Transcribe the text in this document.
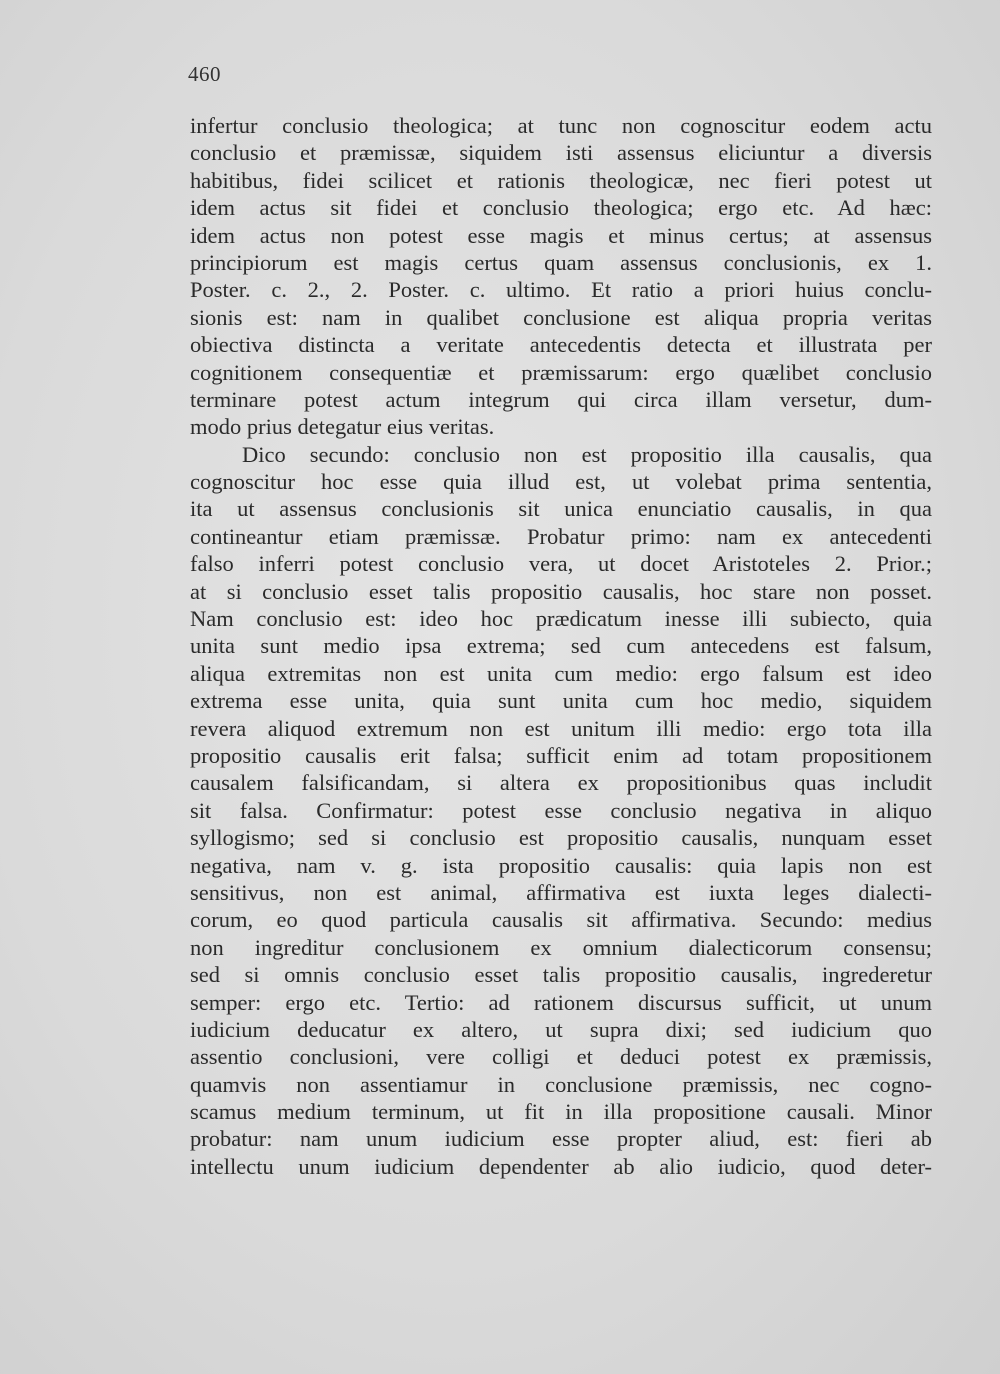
460
infertur conclusio theologica; at tunc non cognoscitur eodem actu
conclusio et præmissæ, siquidem isti assensus eliciuntur a diversis
habitibus, fidei scilicet et rationis theologicæ, nec fieri potest ut
idem actus sit fidei et conclusio theologica; ergo etc. Ad hæc:
idem actus non potest esse magis et minus certus; at assensus
principiorum est magis certus quam assensus conclusionis, ex 1.
Poster. c. 2., 2. Poster. c. ultimo. Et ratio a priori huius conclu-
sionis est: nam in qualibet conclusione est aliqua propria veritas
obiectiva distincta a veritate antecedentis detecta et illustrata per
cognitionem consequentiæ et præmissarum: ergo quælibet conclusio
terminare potest actum integrum qui circa illam versetur, dum-
modo prius detegatur eius veritas.
Dico secundo: conclusio non est propositio illa causalis, qua
cognoscitur hoc esse quia illud est, ut volebat prima sententia,
ita ut assensus conclusionis sit unica enunciatio causalis, in qua
contineantur etiam præmissæ. Probatur primo: nam ex antecedenti
falso inferri potest conclusio vera, ut docet Aristoteles 2. Prior.;
at si conclusio esset talis propositio causalis, hoc stare non posset.
Nam conclusio est: ideo hoc prædicatum inesse illi subiecto, quia
unita sunt medio ipsa extrema; sed cum antecedens est falsum,
aliqua extremitas non est unita cum medio: ergo falsum est ideo
extrema esse unita, quia sunt unita cum hoc medio, siquidem
revera aliquod extremum non est unitum illi medio: ergo tota illa
propositio causalis erit falsa; sufficit enim ad totam propositionem
causalem falsificandam, si altera ex propositionibus quas includit
sit falsa. Confirmatur: potest esse conclusio negativa in aliquo
syllogismo; sed si conclusio est propositio causalis, nunquam esset
negativa, nam v. g. ista propositio causalis: quia lapis non est
sensitivus, non est animal, affirmativa est iuxta leges dialecti-
corum, eo quod particula causalis sit affirmativa. Secundo: medius
non ingreditur conclusionem ex omnium dialecticorum consensu;
sed si omnis conclusio esset talis propositio causalis, ingrederetur
semper: ergo etc. Tertio: ad rationem discursus sufficit, ut unum
iudicium deducatur ex altero, ut supra dixi; sed iudicium quo
assentio conclusioni, vere colligi et deduci potest ex præmissis,
quamvis non assentiamur in conclusione præmissis, nec cogno-
scamus medium terminum, ut fit in illa propositione causali. Minor
probatur: nam unum iudicium esse propter aliud, est: fieri ab
intellectu unum iudicium dependenter ab alio iudicio, quod deter-
